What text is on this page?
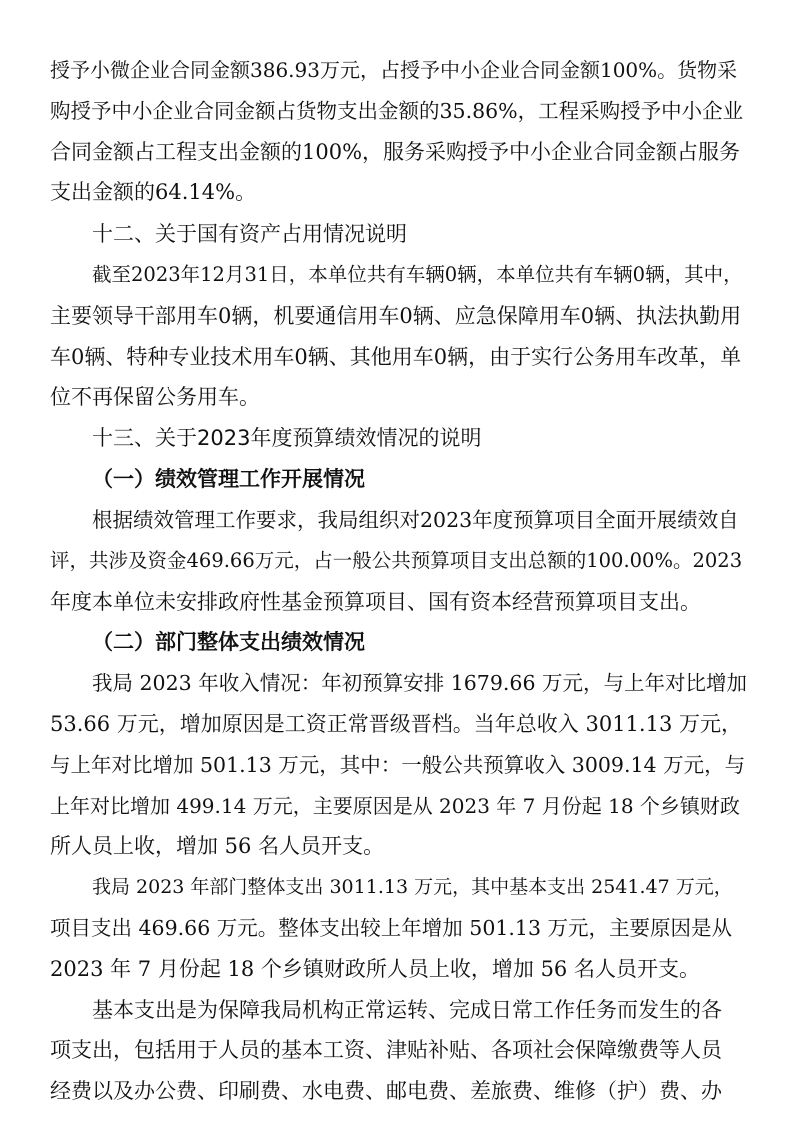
授予小微企业合同金额386.93万元，占授予中小企业合同金额100%。货物采
购授予中小企业合同金额占货物支出金额的35.86%，工程采购授予中小企业
合同金额占工程支出金额的100%，服务采购授予中小企业合同金额占服务
支出金额的64.14%。
十二、关于国有资产占用情况说明
截至2023年12月31日，本单位共有车辆0辆，本单位共有车辆0辆，其中，
主要领导干部用车0辆，机要通信用车0辆、应急保障用车0辆、执法执勤用
车0辆、特种专业技术用车0辆、其他用车0辆，由于实行公务用车改革，单
位不再保留公务用车。
十三、关于2023年度预算绩效情况的说明
（一）绩效管理工作开展情况
根据绩效管理工作要求，我局组织对2023年度预算项目全面开展绩效自
评，共涉及资金469.66万元，占一般公共预算项目支出总额的100.00%。2023
年度本单位未安排政府性基金预算项目、国有资本经营预算项目支出。
（二）部门整体支出绩效情况
我局 2023 年收入情况：年初预算安排 1679.66 万元，与上年对比增加
53.66 万元，增加原因是工资正常晋级晋档。当年总收入 3011.13 万元，
与上年对比增加 501.13 万元，其中：一般公共预算收入 3009.14 万元，与
上年对比增加 499.14 万元，主要原因是从 2023 年 7 月份起 18 个乡镇财政
所人员上收，增加 56 名人员开支。
我局 2023 年部门整体支出 3011.13 万元，其中基本支出 2541.47 万元，
项目支出 469.66 万元。整体支出较上年增加 501.13 万元，主要原因是从
2023 年 7 月份起 18 个乡镇财政所人员上收，增加 56 名人员开支。
基本支出是为保障我局机构正常运转、完成日常工作任务而发生的各
项支出，包括用于人员的基本工资、津贴补贴、各项社会保障缴费等人员
经费以及办公费、印刷费、水电费、邮电费、差旅费、维修（护）费、办
